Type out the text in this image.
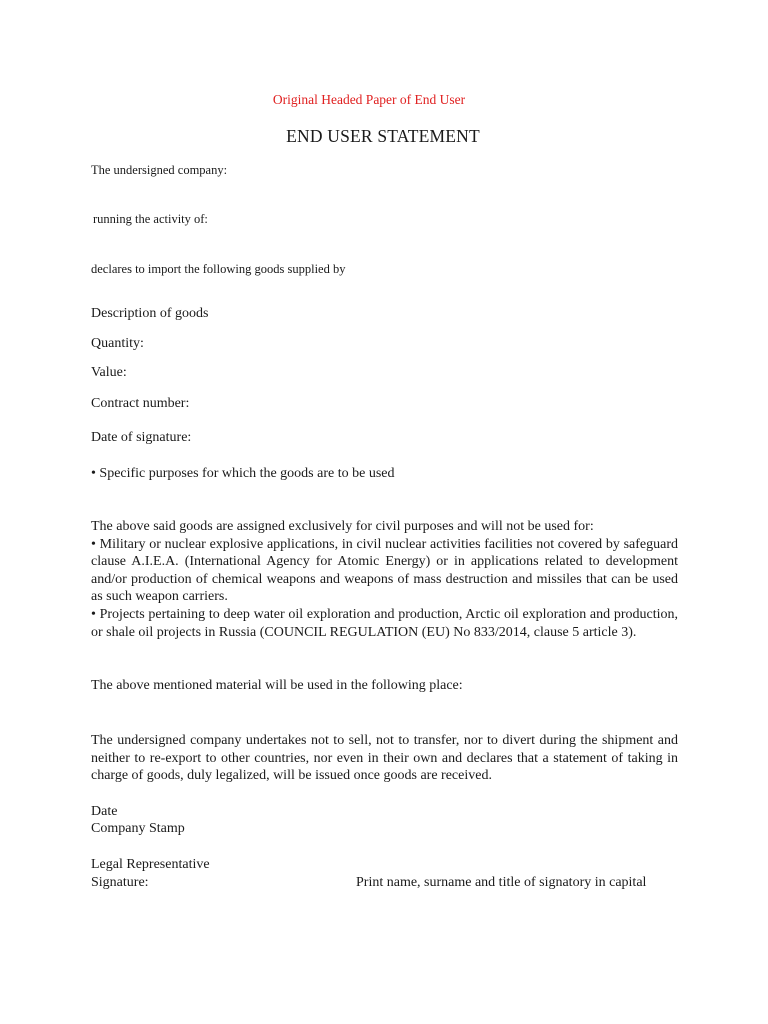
Original Headed Paper of End User

END USER STATEMENT

The undersigned company:

running the activity of:

declares to import the following goods supplied by

Description of goods

Quantity:

Value:

Contract number:

Date of signature:

• Specific purposes for which the goods are to be used

The above said goods are assigned exclusively for civil purposes and will not be used for:

• Military or nuclear explosive applications, in civil nuclear activities facilities not covered by safeguard clause A.I.E.A. (International Agency for Atomic Energy) or in applications related to development and/or production of chemical weapons and weapons of mass destruction and missiles that can be used as such weapon carriers.

• Projects pertaining to deep water oil exploration and production, Arctic oil exploration and production, or shale oil projects in Russia (COUNCIL REGULATION (EU) No 833/2014, clause 5 article 3).

The above mentioned material will be used in the following place:

The undersigned company undertakes not to sell, not to transfer, nor to divert during the shipment and neither to re-export to other countries, nor even in their own and declares that a statement of taking in charge of goods, duly legalized, will be issued once goods are received.

Date

Company Stamp

Legal Representative

Signature:	Print name, surname and title of signatory in capital
